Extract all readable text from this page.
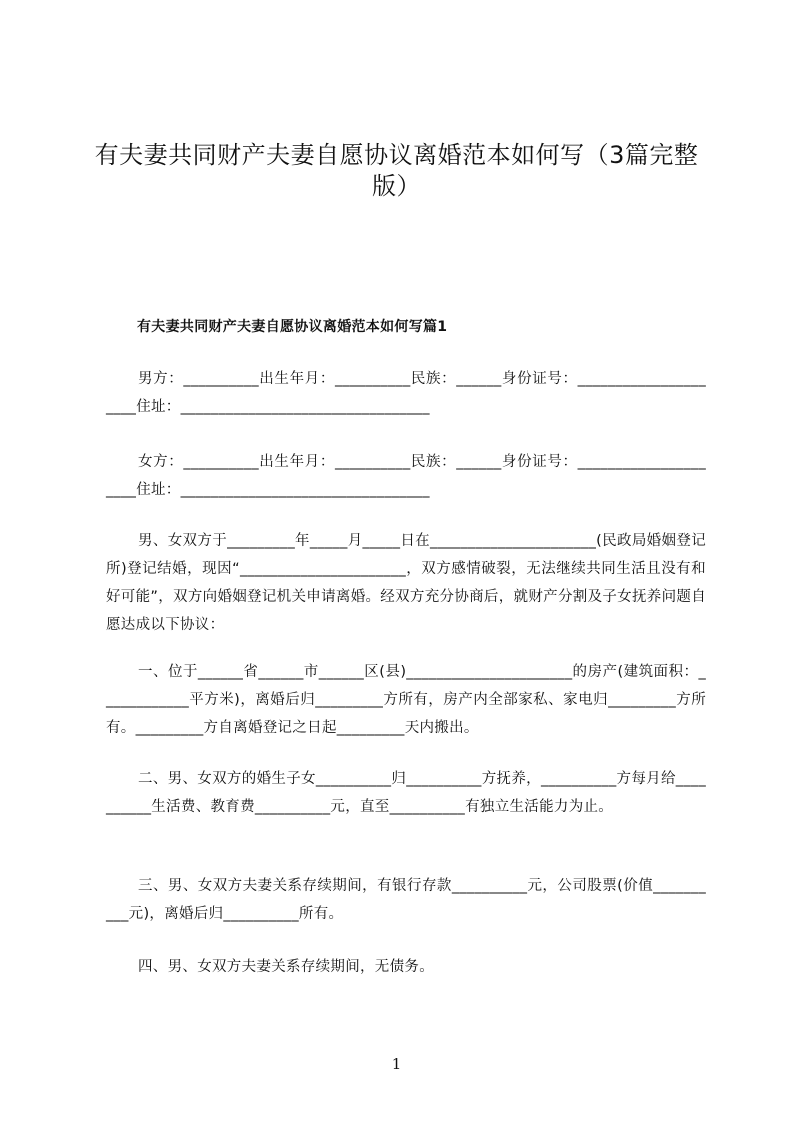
有夫妻共同财产夫妻自愿协议离婚范本如何写（3篇完整版）
有夫妻共同财产夫妻自愿协议离婚范本如何写篇1
男方：__________出生年月：__________民族：______身份证号：_____________________住址：_________________________________
女方：__________出生年月：__________民族：______身份证号：_____________________住址：_________________________________
男、女双方于_________年_____月_____日在______________________(民政局婚姻登记所)登记结婚，现因“______________________，双方感情破裂，无法继续共同生活且没有和好可能”，双方向婚姻登记机关申请离婚。经双方充分协商后，就财产分割及子女抚养问题自愿达成以下协议：
一、位于______省______市______区(县)______________________的房产(建筑面积：____________平方米)，离婚后归_________方所有，房产内全部家私、家电归_________方所有。_________方自离婚登记之日起_________天内搬出。
二、男、女双方的婚生子女__________归__________方抚养，__________方每月给__________生活费、教育费__________元，直至__________有独立生活能力为止。
三、男、女双方夫妻关系存续期间，有银行存款__________元，公司股票(价值__________元)，离婚后归__________所有。
四、男、女双方夫妻关系存续期间，无债务。
1
